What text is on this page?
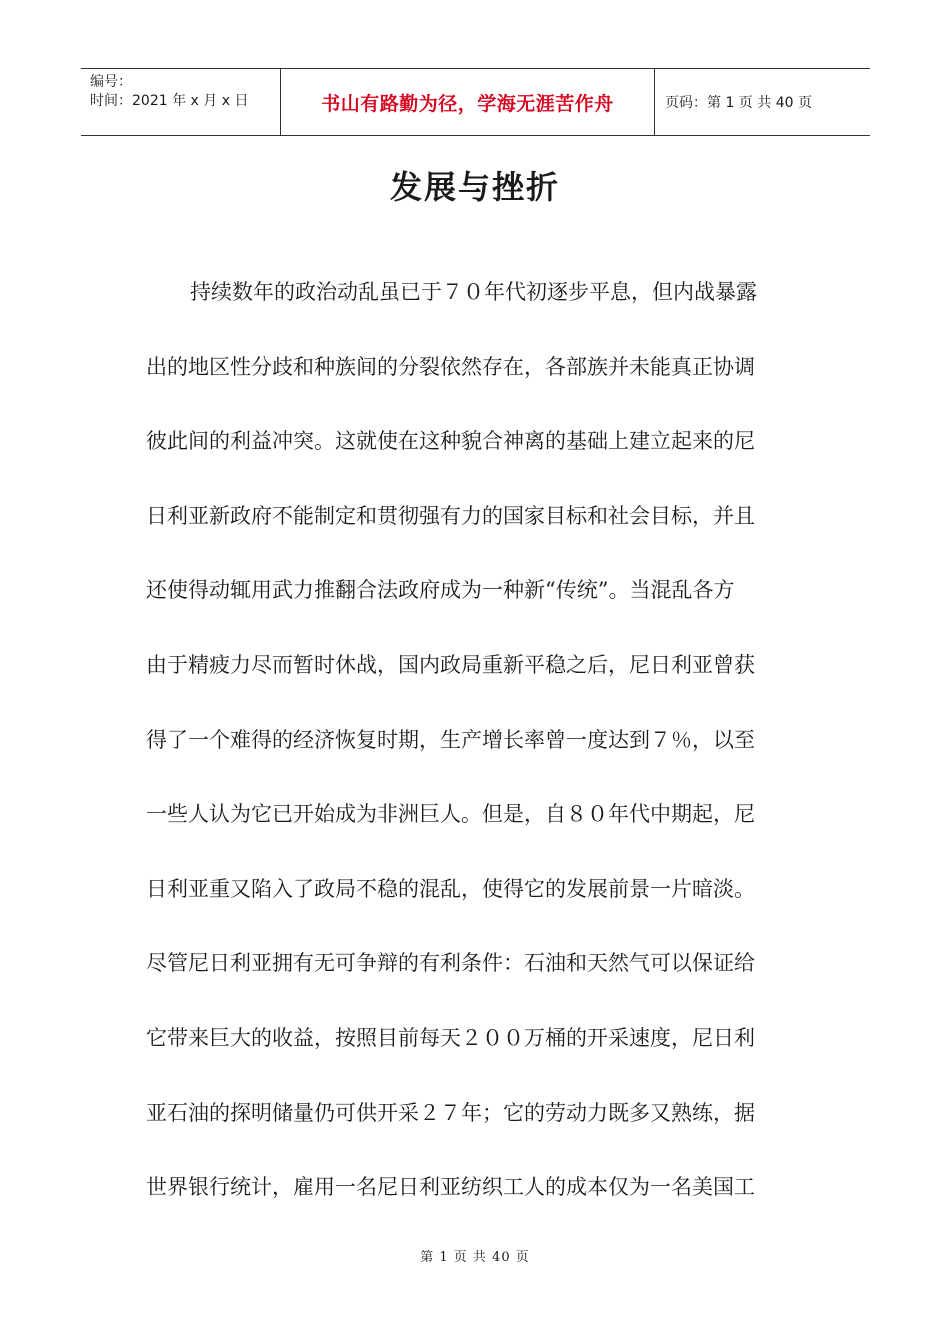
编号：
时间：2021 年 x 月 x 日	书山有路勤为径，学海无涯苦作舟	页码：第 1 页 共 40 页
发展与挫折
持续数年的政治动乱虽已于７０年代初逐步平息，但内战暴露
出的地区性分歧和种族间的分裂依然存在，各部族并未能真正协调
彼此间的利益冲突。这就使在这种貌合神离的基础上建立起来的尼
日利亚新政府不能制定和贯彻强有力的国家目标和社会目标，并且
还使得动辄用武力推翻合法政府成为一种新“传统”。当混乱各方
由于精疲力尽而暂时休战，国内政局重新平稳之后，尼日利亚曾获
得了一个难得的经济恢复时期，生产增长率曾一度达到７％，以至
一些人认为它已开始成为非洲巨人。但是，自８０年代中期起，尼
日利亚重又陷入了政局不稳的混乱，使得它的发展前景一片暗淡。
尽管尼日利亚拥有无可争辩的有利条件：石油和天然气可以保证给
它带来巨大的收益，按照目前每天２００万桶的开采速度，尼日利
亚石油的探明储量仍可供开采２７年；它的劳动力既多又熟练，据
世界银行统计，雇用一名尼日利亚纺织工人的成本仅为一名美国工
第 1 页 共 40 页
